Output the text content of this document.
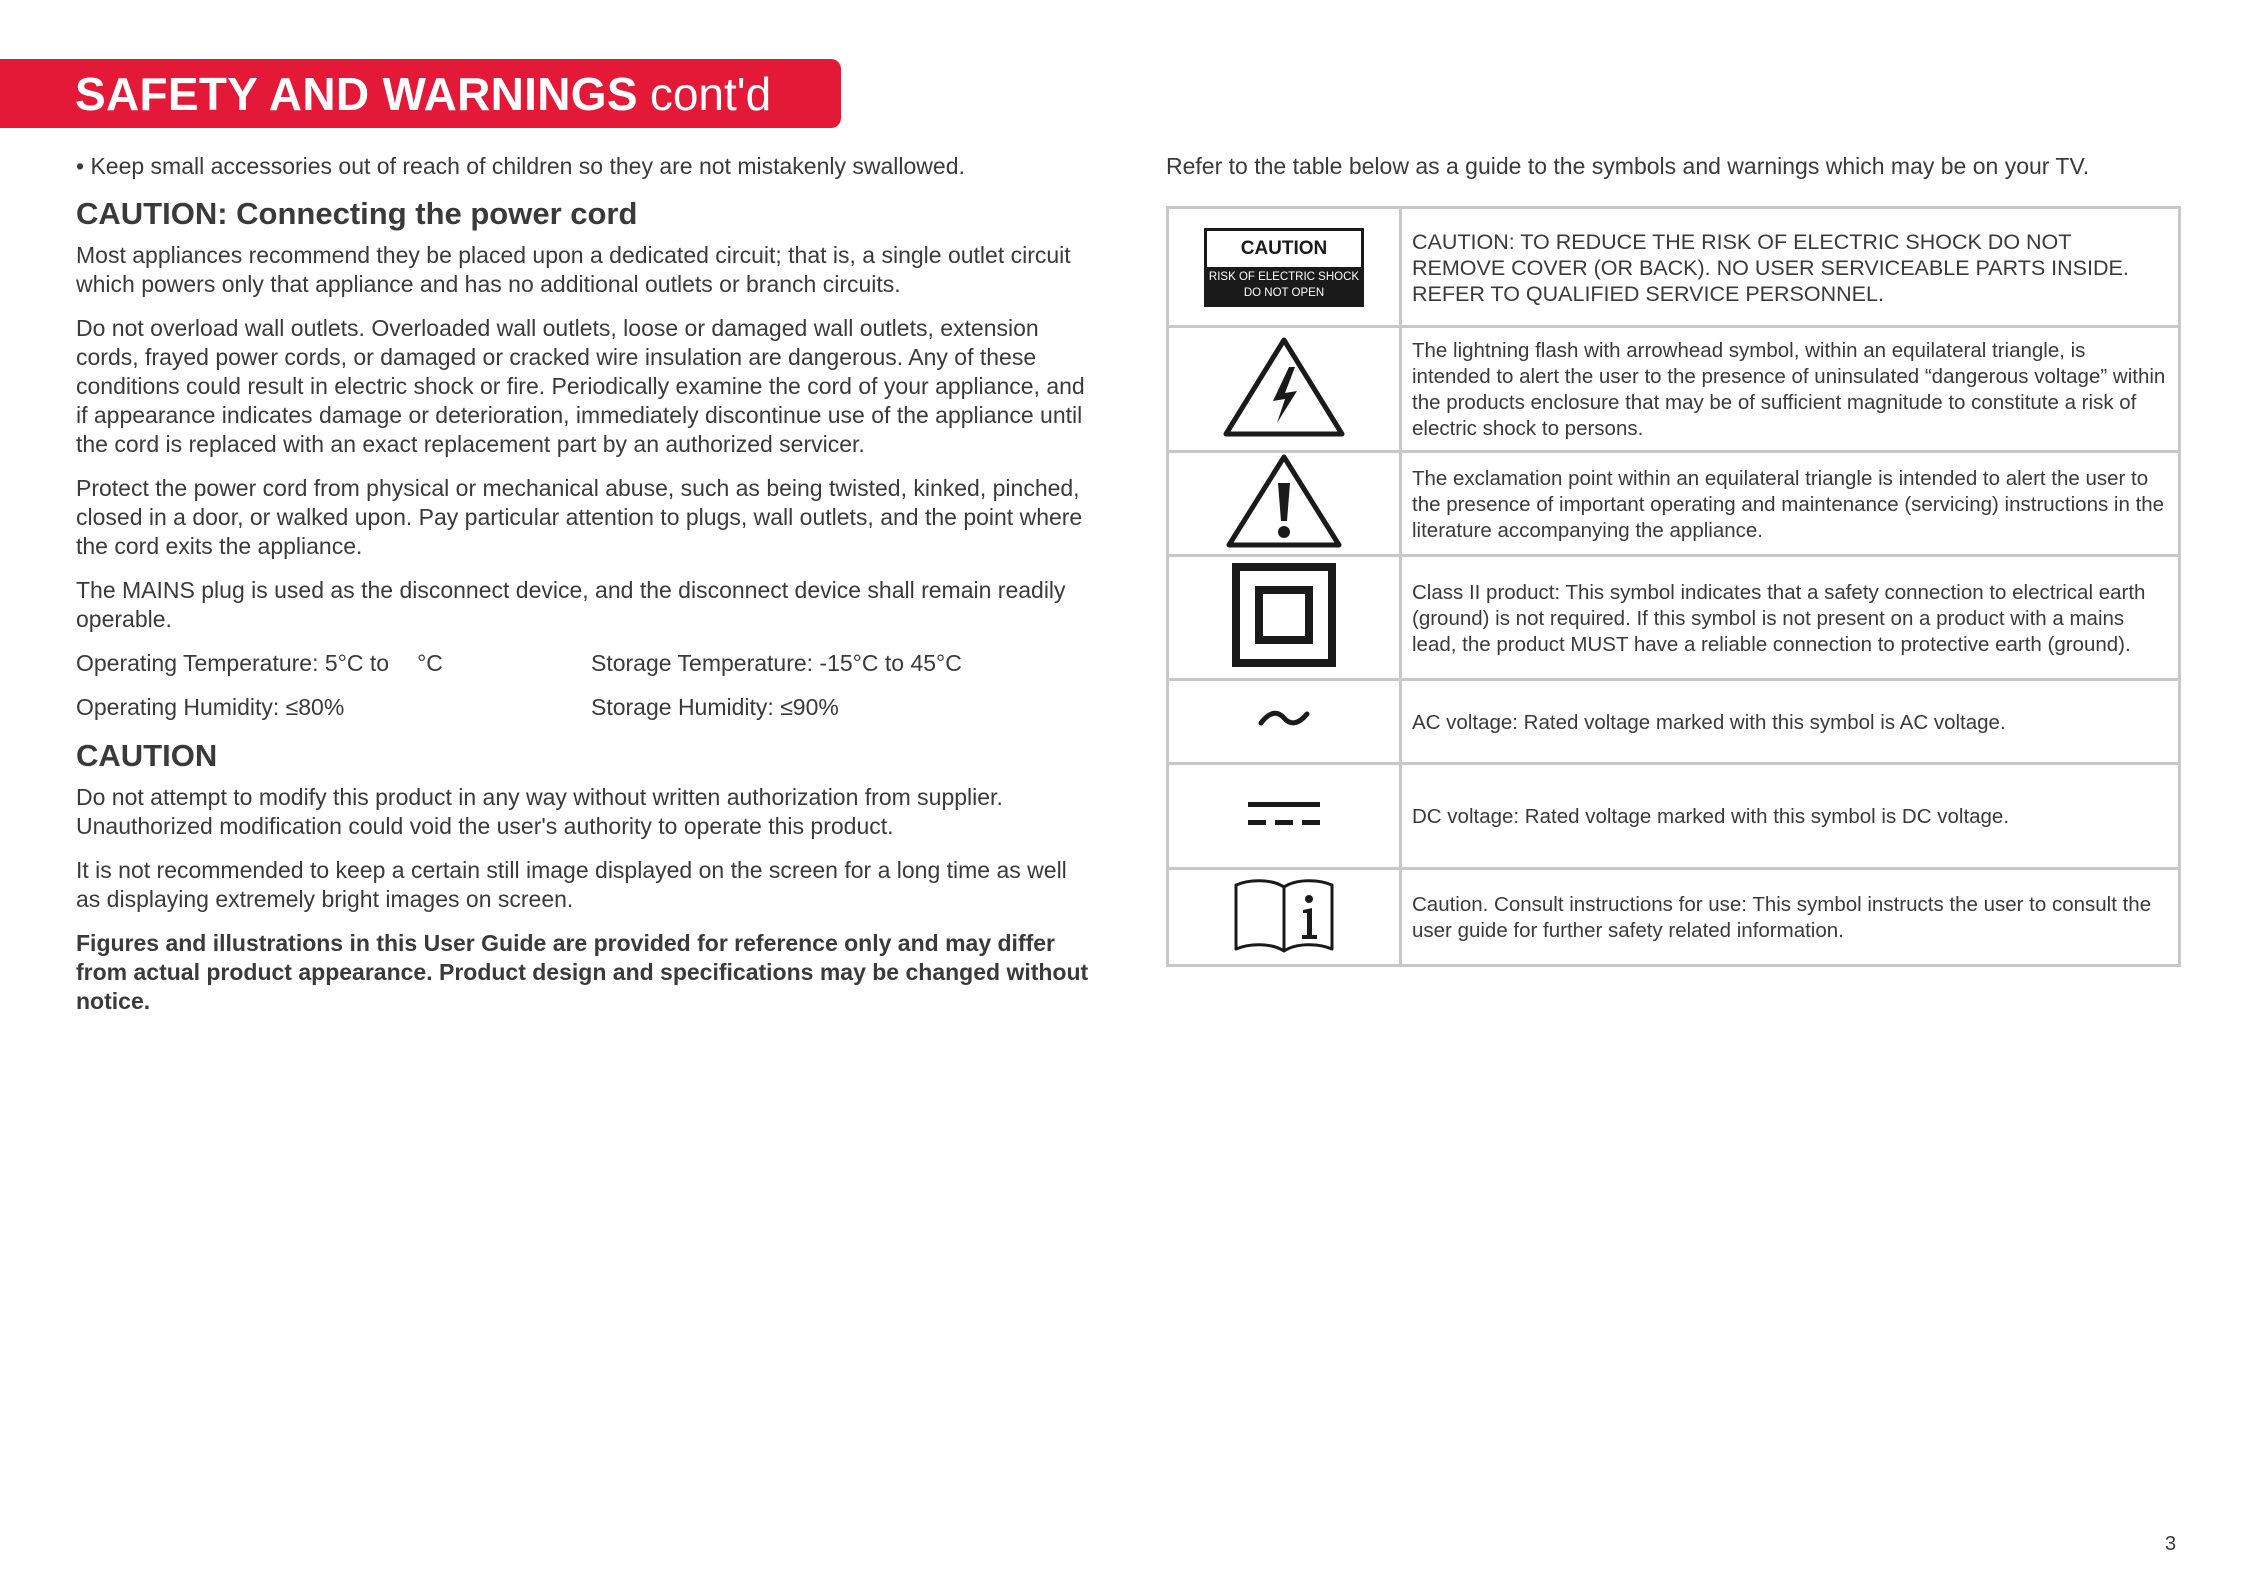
SAFETY AND WARNINGS cont'd

• Keep small accessories out of reach of children so they are not mistakenly swallowed.

CAUTION: Connecting the power cord

Most appliances recommend they be placed upon a dedicated circuit; that is, a single outlet circuit which powers only that appliance and has no additional outlets or branch circuits.

Do not overload wall outlets. Overloaded wall outlets, loose or damaged wall outlets, extension cords, frayed power cords, or damaged or cracked wire insulation are dangerous. Any of these conditions could result in electric shock or fire. Periodically examine the cord of your appliance, and if appearance indicates damage or deterioration, immediately discontinue use of the appliance until the cord is replaced with an exact replacement part by an authorized servicer.

Protect the power cord from physical or mechanical abuse, such as being twisted, kinked, pinched, closed in a door, or walked upon. Pay particular attention to plugs, wall outlets, and the point where the cord exits the appliance.

The MAINS plug is used as the disconnect device, and the disconnect device shall remain readily operable.

Operating Temperature: 5°C to °C	Storage Temperature: -15°C to 45°C
Operating Humidity: ≤80%	Storage Humidity: ≤90%
CAUTION

Do not attempt to modify this product in any way without written authorization from supplier. Unauthorized modification could void the user's authority to operate this product.

It is not recommended to keep a certain still image displayed on the screen for a long time as well as displaying extremely bright images on screen.

Figures and illustrations in this User Guide are provided for reference only and may differ from actual product appearance. Product design and specifications may be changed without notice.

Refer to the table below as a guide to the symbols and warnings which may be on your TV.
CAUTION
RISK OF ELECTRIC SHOCK
DO NOT OPEN	CAUTION: TO REDUCE THE RISK OF ELECTRIC SHOCK DO NOT REMOVE COVER (OR BACK). NO USER SERVICEABLE PARTS INSIDE. REFER TO QUALIFIED SERVICE PERSONNEL.
	The lightning flash with arrowhead symbol, within an equilateral triangle, is intended to alert the user to the presence of uninsulated “dangerous voltage” within the products enclosure that may be of sufficient magnitude to constitute a risk of electric shock to persons.
	The exclamation point within an equilateral triangle is intended to alert the user to the presence of important operating and maintenance (servicing) instructions in the literature accompanying the appliance.
	Class II product: This symbol indicates that a safety connection to electrical earth (ground) is not required. If this symbol is not present on a product with a mains lead, the product MUST have a reliable connection to protective earth (ground).
	AC voltage: Rated voltage marked with this symbol is AC voltage.
	DC voltage: Rated voltage marked with this symbol is DC voltage.
	Caution. Consult instructions for use: This symbol instructs the user to consult the user guide for further safety related information.
3
